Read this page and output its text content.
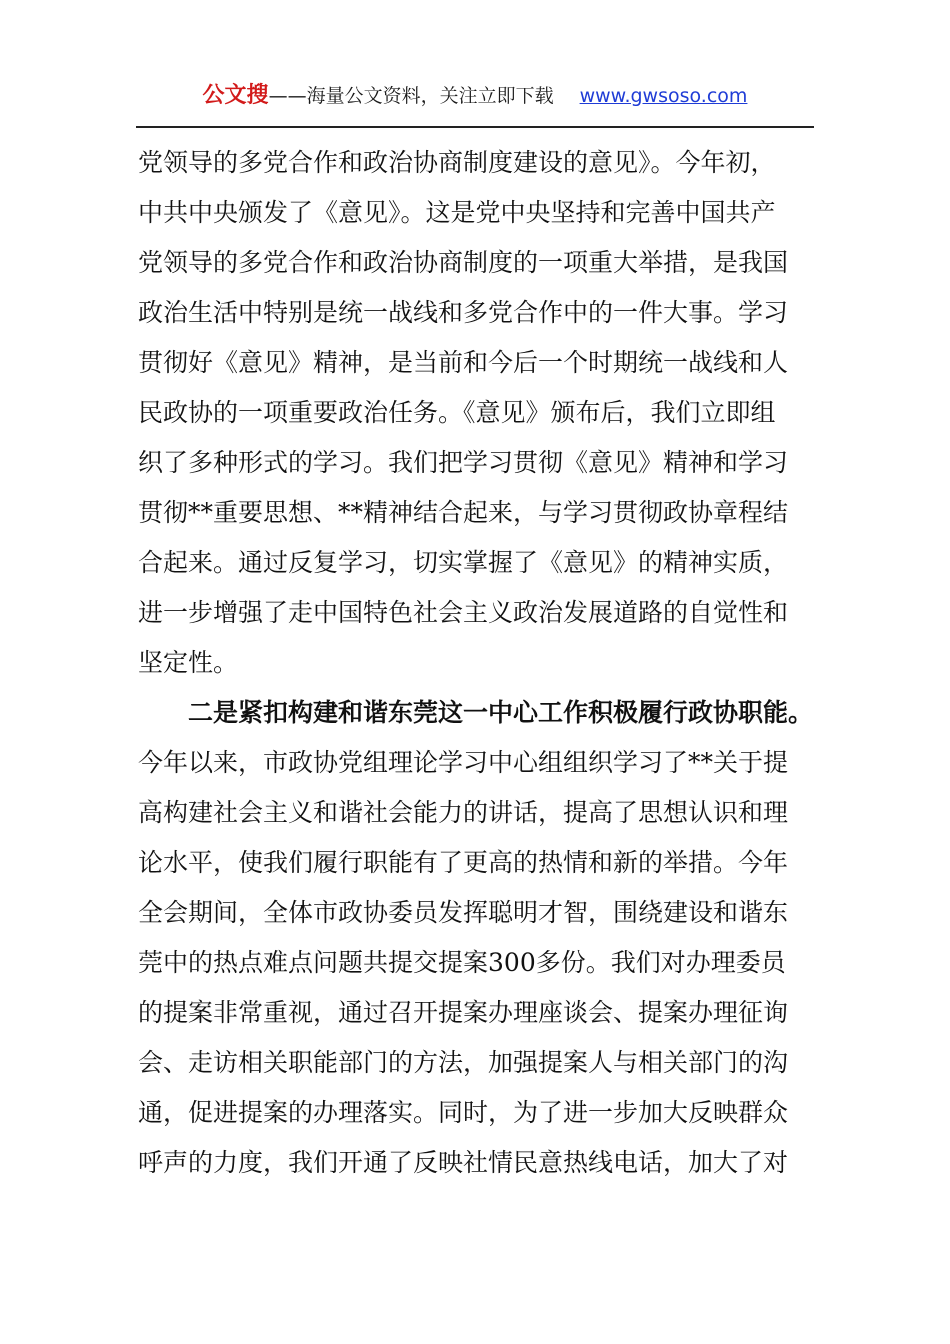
公文搜——海量公文资料，关注立即下载 www.gwsoso.com
党领导的多党合作和政治协商制度建设的意见》。今年初，
中共中央颁发了《意见》。这是党中央坚持和完善中国共产
党领导的多党合作和政治协商制度的一项重大举措，是我国
政治生活中特别是统一战线和多党合作中的一件大事。学习
贯彻好《意见》精神，是当前和今后一个时期统一战线和人
民政协的一项重要政治任务。《意见》颁布后，我们立即组
织了多种形式的学习。我们把学习贯彻《意见》精神和学习
贯彻**重要思想、**精神结合起来，与学习贯彻政协章程结
合起来。通过反复学习，切实掌握了《意见》的精神实质，
进一步增强了走中国特色社会主义政治发展道路的自觉性和
坚定性。
二是紧扣构建和谐东莞这一中心工作积极履行政协职能。
今年以来，市政协党组理论学习中心组组织学习了**关于提
高构建社会主义和谐社会能力的讲话，提高了思想认识和理
论水平，使我们履行职能有了更高的热情和新的举措。今年
全会期间，全体市政协委员发挥聪明才智，围绕建设和谐东
莞中的热点难点问题共提交提案300多份。我们对办理委员
的提案非常重视，通过召开提案办理座谈会、提案办理征询
会、走访相关职能部门的方法，加强提案人与相关部门的沟
通，促进提案的办理落实。同时，为了进一步加大反映群众
呼声的力度，我们开通了反映社情民意热线电话，加大了对
